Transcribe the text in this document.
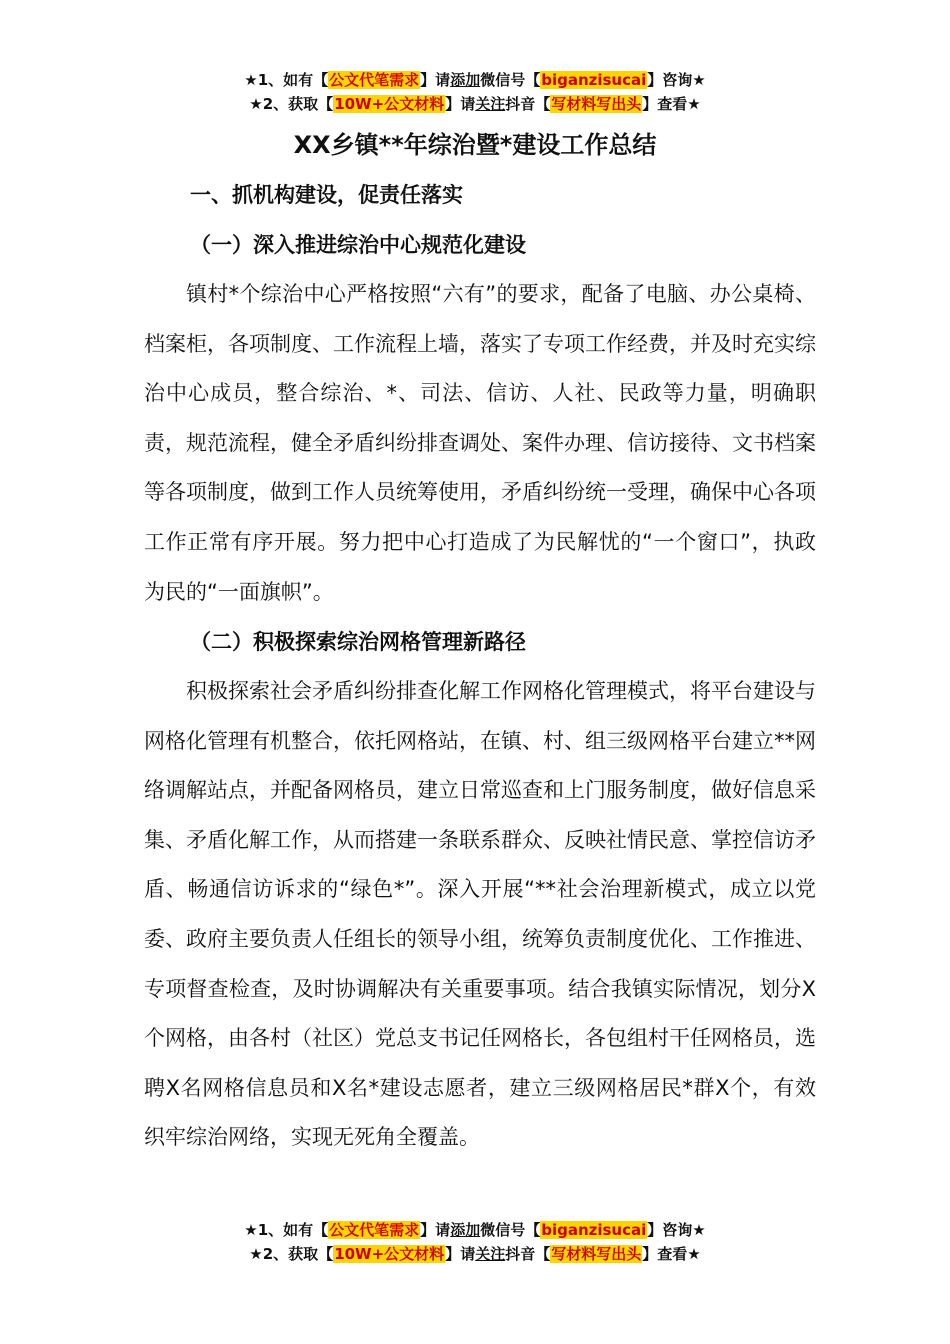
★1、如有【公文代笔需求】请添加微信号【biganzisucai】咨询★
★2、获取【10W+公文材料】请关注抖音【写材料写出头】查看★
XX乡镇**年综治暨*建设工作总结
一、抓机构建设，促责任落实
（一）深入推进综治中心规范化建设

镇村*个综治中心严格按照“六有”的要求，配备了电脑、办公桌椅、档案柜，各项制度、工作流程上墙，落实了专项工作经费，并及时充实综治中心成员，整合综治、*、司法、信访、人社、民政等力量，明确职责，规范流程，健全矛盾纠纷排查调处、案件办理、信访接待、文书档案等各项制度，做到工作人员统筹使用，矛盾纠纷统一受理，确保中心各项工作正常有序开展。努力把中心打造成了为民解忧的“一个窗口”，执政为民的“一面旗帜”。

（二）积极探索综治网格管理新路径

积极探索社会矛盾纠纷排查化解工作网格化管理模式，将平台建设与网格化管理有机整合，依托网格站，在镇、村、组三级网格平台建立**网络调解站点，并配备网格员，建立日常巡查和上门服务制度，做好信息采集、矛盾化解工作，从而搭建一条联系群众、反映社情民意、掌控信访矛盾、畅通信访诉求的“绿色*”。深入开展“**社会治理新模式，成立以党委、政府主要负责人任组长的领导小组，统筹负责制度优化、工作推进、专项督查检查，及时协调解决有关重要事项。结合我镇实际情况，划分X个网格，由各村（社区）党总支书记任网格长，各包组村干任网格员，选聘X名网格信息员和X名*建设志愿者，建立三级网格居民*群X个，有效织牢综治网络，实现无死角全覆盖。

★1、如有【公文代笔需求】请添加微信号【biganzisucai】咨询★
★2、获取【10W+公文材料】请关注抖音【写材料写出头】查看★
